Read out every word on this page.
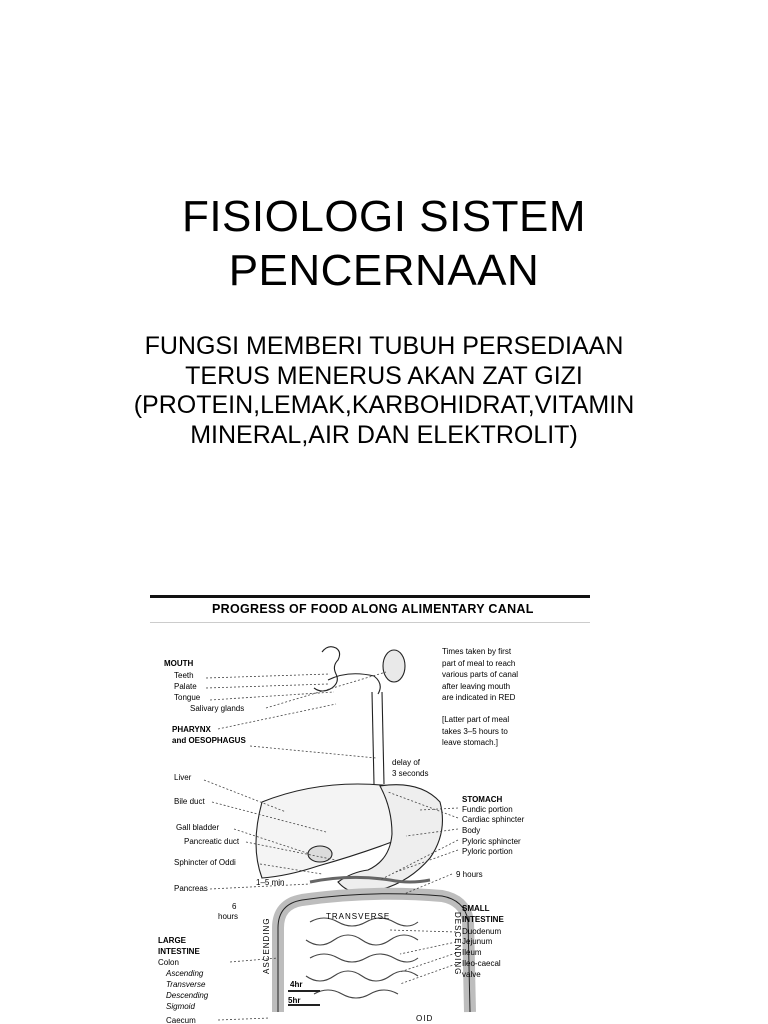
FISIOLOGI SISTEM
PENCERNAAN
FUNGSI MEMBERI TUBUH PERSEDIAAN
TERUS MENERUS AKAN ZAT GIZI
(PROTEIN,LEMAK,KARBOHIDRAT,VITAMIN
MINERAL,AIR DAN ELEKTROLIT)
PROGRESS OF FOOD ALONG ALIMENTARY CANAL
MOUTH
Teeth
Palate
Tongue
Salivary glands
PHARYNX
and OESOPHAGUS
Liver
Bile duct
Gall bladder
Pancreatic duct
Sphincter of Oddi
Pancreas
1–5 min
6
hours
LARGE
INTESTINE
Colon
Ascending
Transverse
Descending
Sigmoid
Caecum
TRANSVERSE
ASCENDING	DESCENDING
OID
4hr
5hr
delay of
3 seconds
STOMACH
Fundic portion
Cardiac sphincter
Body
Pyloric sphincter
Pyloric portion
9 hours
SMALL
INTESTINE
Duodenum
Jejunum
Ileum
Ileo-caecal
valve
Times taken by first
part of meal to reach
various parts of canal
after leaving mouth
are indicated in RED
[Latter part of meal
takes 3–5 hours to
leave stomach.]
